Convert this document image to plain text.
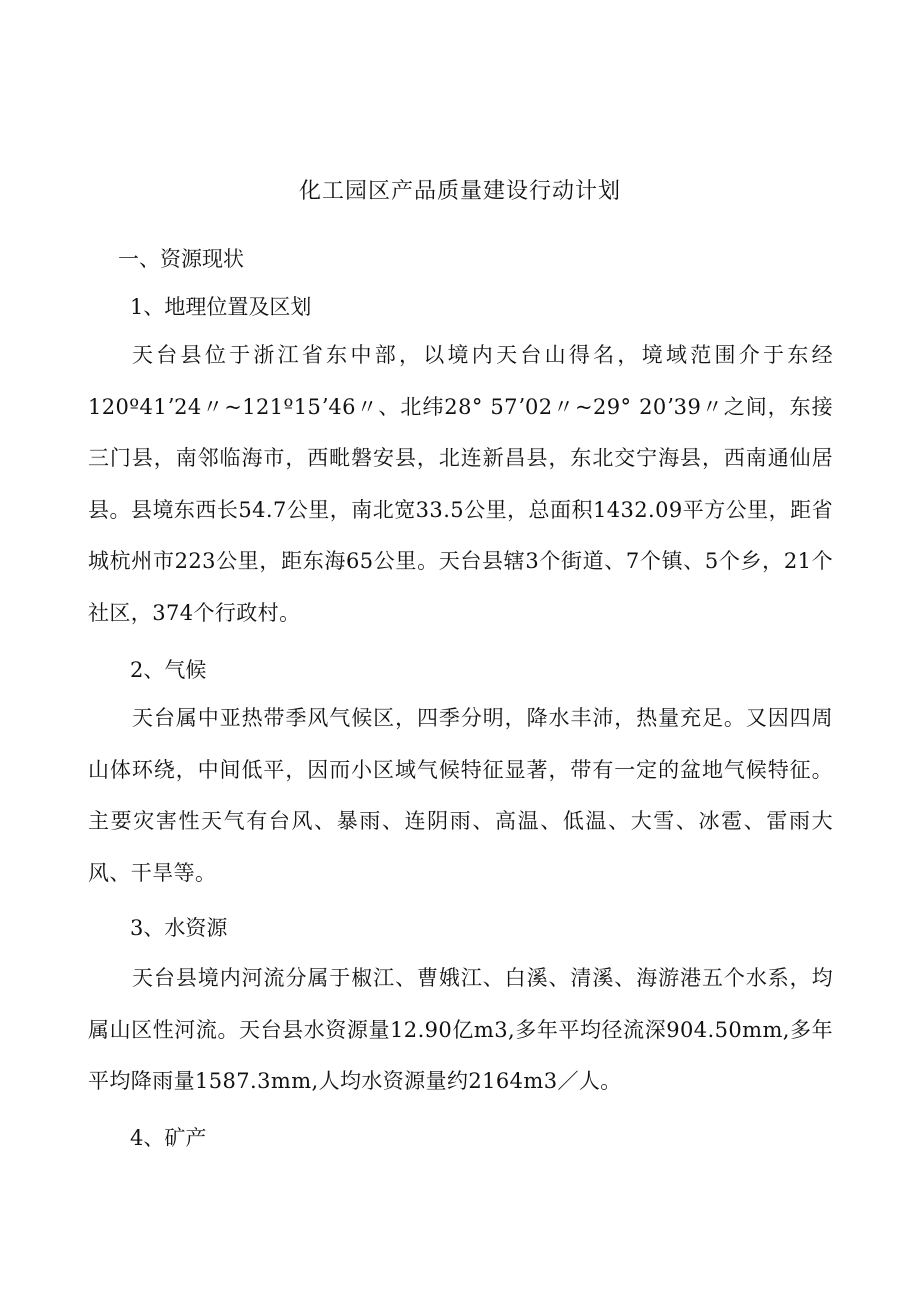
化工园区产品质量建设行动计划
一、资源现状
1、地理位置及区划

天台县位于浙江省东中部，以境内天台山得名，境域范围介于东经120º41ʼ24〃~121º15ʼ46〃、北纬28° 57ʼ02〃~29° 20ʼ39〃之间，东接三门县，南邻临海市，西毗磐安县，北连新昌县，东北交宁海县，西南通仙居县。县境东西长54.7公里，南北宽33.5公里，总面积1432.09平方公里，距省城杭州市223公里，距东海65公里。天台县辖3个街道、7个镇、5个乡，21个社区，374个行政村。

2、气候

天台属中亚热带季风气候区，四季分明，降水丰沛，热量充足。又因四周山体环绕，中间低平，因而小区域气候特征显著，带有一定的盆地气候特征。主要灾害性天气有台风、暴雨、连阴雨、高温、低温、大雪、冰雹、雷雨大风、干旱等。

3、水资源

天台县境内河流分属于椒江、曹娥江、白溪、清溪、海游港五个水系，均属山区性河流。天台县水资源量12.90亿m3,多年平均径流深904.50mm,多年平均降雨量1587.3mm,人均水资源量约2164m3／人。

4、矿产
